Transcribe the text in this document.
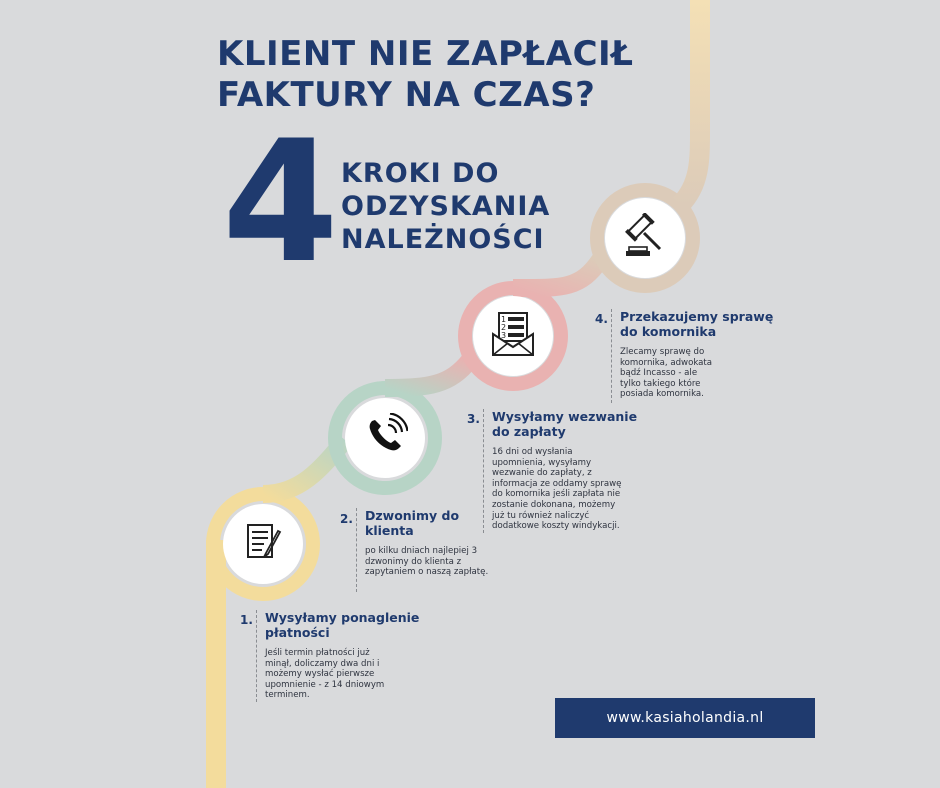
KLIENT NIE ZAPŁACIŁ
FAKTURY NA CZAS?
4 KROKI DO
ODZYSKANIA
NALEŻNOŚCI
1
2
3
1. Wysyłamy ponaglenie
płatności

Jeśli termin płatności już
minął, doliczamy dwa dni i
możemy wysłać pierwsze
upomnienie - z 14 dniowym
terminem.

2. Dzwonimy do
klienta

po kilku dniach najlepiej 3
dzwonimy do klienta z
zapytaniem o naszą zapłatę.

3. Wysyłamy wezwanie
do zapłaty

16 dni od wysłania
upomnienia, wysyłamy
wezwanie do zapłaty, z
informacja ze oddamy sprawę
do komornika jeśli zapłata nie
zostanie dokonana, możemy
już tu również naliczyć
dodatkowe koszty windykacji.

4. Przekazujemy sprawę
do komornika

Zlecamy sprawę do
komornika, adwokata
bądź Incasso - ale
tylko takiego które
posiada komornika.

www.kasiaholandia.nl
